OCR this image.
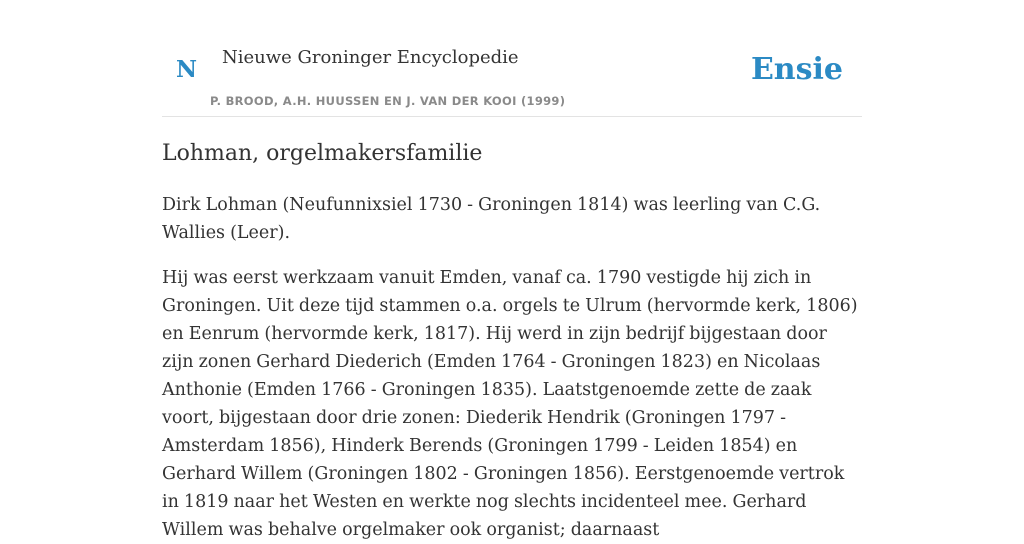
N Nieuwe Groninger Encyclopedie
P. BROOD, A.H. HUUSSEN EN J. VAN DER KOOI (1999)
Ensie
Lohman, orgelmakersfamilie

Dirk Lohman (Neufunnixsiel 1730 - Groningen 1814) was leerling van C.G. Wallies (Leer).

Hij was eerst werkzaam vanuit Emden, vanaf ca. 1790 vestigde hij zich in Groningen. Uit deze tijd stammen o.a. orgels te Ulrum (hervormde kerk, 1806) en Eenrum (hervormde kerk, 1817). Hij werd in zijn bedrijf bijgestaan door zijn zonen Gerhard Diederich (Emden 1764 - Groningen 1823) en Nicolaas Anthonie (Emden 1766 - Groningen 1835). Laatstgenoemde zette de zaak voort, bijgestaan door drie zonen: Diederik Hendrik (Groningen 1797 - Amsterdam 1856), Hinderk Berends (Groningen 1799 - Leiden 1854) en Gerhard Willem (Groningen 1802 - Groningen 1856). Eerstgenoemde vertrok in 1819 naar het Westen en werkte nog slechts incidenteel mee. Gerhard Willem was behalve orgelmaker ook organist; daarnaast
